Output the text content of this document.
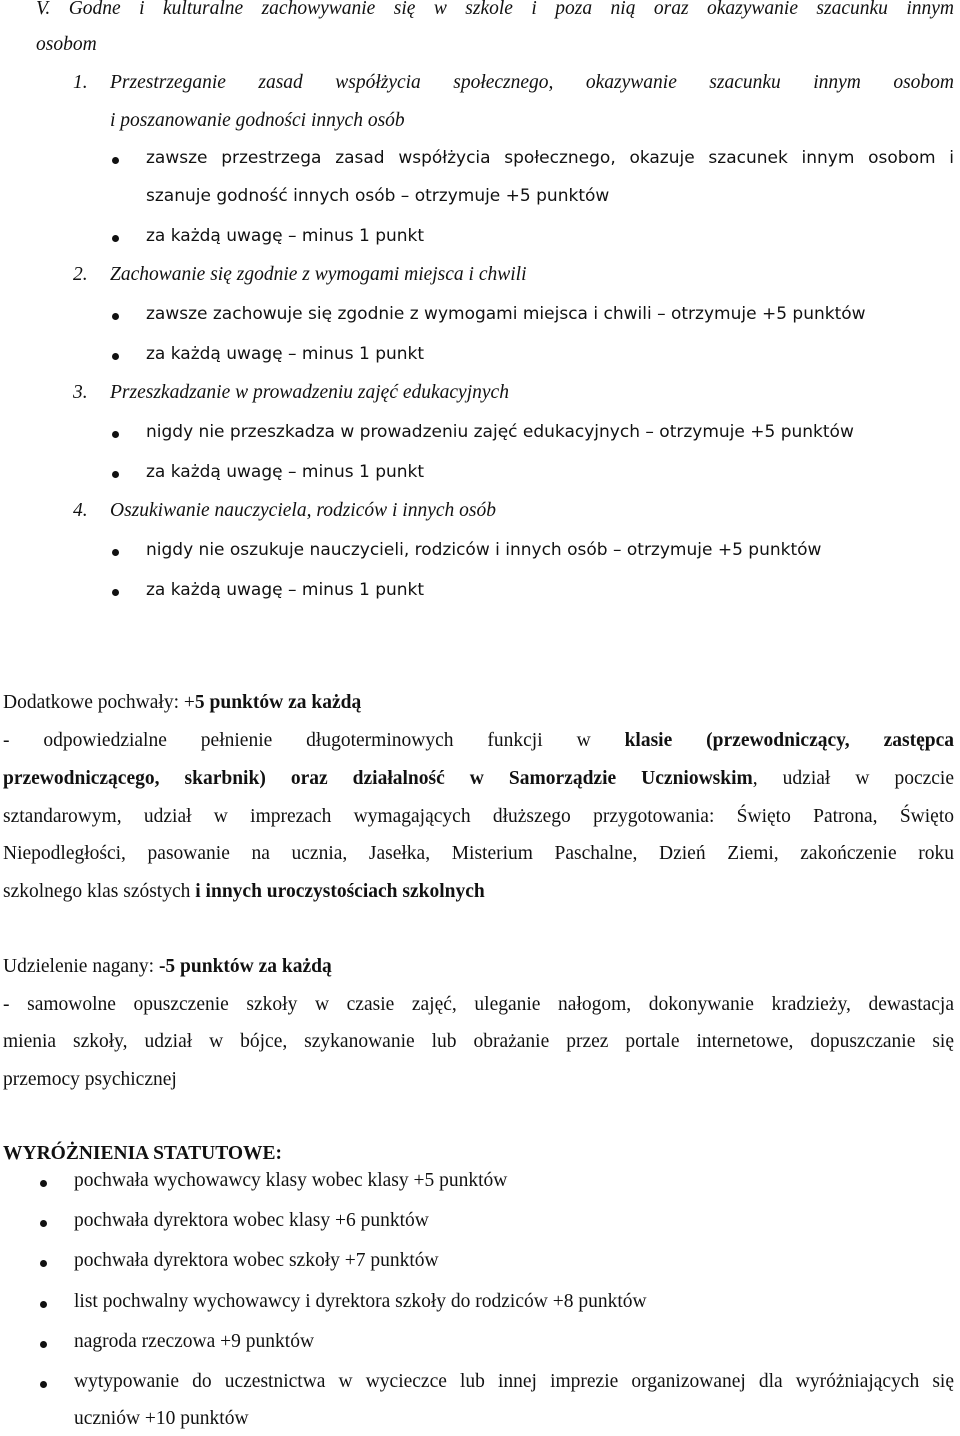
V. Godne i kulturalne zachowywanie się w szkole i poza nią oraz okazywanie szacunku innym
osobom
1. Przestrzeganie zasad współżycia społecznego, okazywanie szacunku innym osobom
i poszanowanie godności innych osób
zawsze przestrzega zasad współżycia społecznego, okazuje szacunek innym osobom i
szanuje godność innych osób – otrzymuje +5 punktów
za każdą uwagę – minus 1 punkt
2. Zachowanie się zgodnie z wymogami miejsca i chwili
zawsze zachowuje się zgodnie z wymogami miejsca i chwili – otrzymuje +5 punktów
za każdą uwagę – minus 1 punkt
3. Przeszkadzanie w prowadzeniu zajęć edukacyjnych
nigdy nie przeszkadza w prowadzeniu zajęć edukacyjnych – otrzymuje +5 punktów
za każdą uwagę – minus 1 punkt
4. Oszukiwanie nauczyciela, rodziców i innych osób
nigdy nie oszukuje nauczycieli, rodziców i innych osób – otrzymuje +5 punktów
za każdą uwagę – minus 1 punkt
Dodatkowe pochwały: +5 punktów za każdą
- odpowiedzialne pełnienie długoterminowych funkcji w klasie (przewodniczący, zastępca
przewodniczącego, skarbnik) oraz działalność w Samorządzie Uczniowskim, udział w poczcie
sztandarowym, udział w imprezach wymagających dłuższego przygotowania: Święto Patrona, Święto
Niepodległości, pasowanie na ucznia, Jasełka, Misterium Paschalne, Dzień Ziemi, zakończenie roku
szkolnego klas szóstych i innych uroczystościach szkolnych
Udzielenie nagany: -5 punktów za każdą
- samowolne opuszczenie szkoły w czasie zajęć, uleganie nałogom, dokonywanie kradzieży, dewastacja
mienia szkoły, udział w bójce, szykanowanie lub obrażanie przez portale internetowe, dopuszczanie się
przemocy psychicznej
WYRÓŻNIENIA STATUTOWE:
pochwała wychowawcy klasy wobec klasy +5 punktów
pochwała dyrektora wobec klasy +6 punktów
pochwała dyrektora wobec szkoły +7 punktów
list pochwalny wychowawcy i dyrektora szkoły do rodziców +8 punktów
nagroda rzeczowa +9 punktów
wytypowanie do uczestnictwa w wycieczce lub innej imprezie organizowanej dla wyróżniających się
uczniów +10 punktów
